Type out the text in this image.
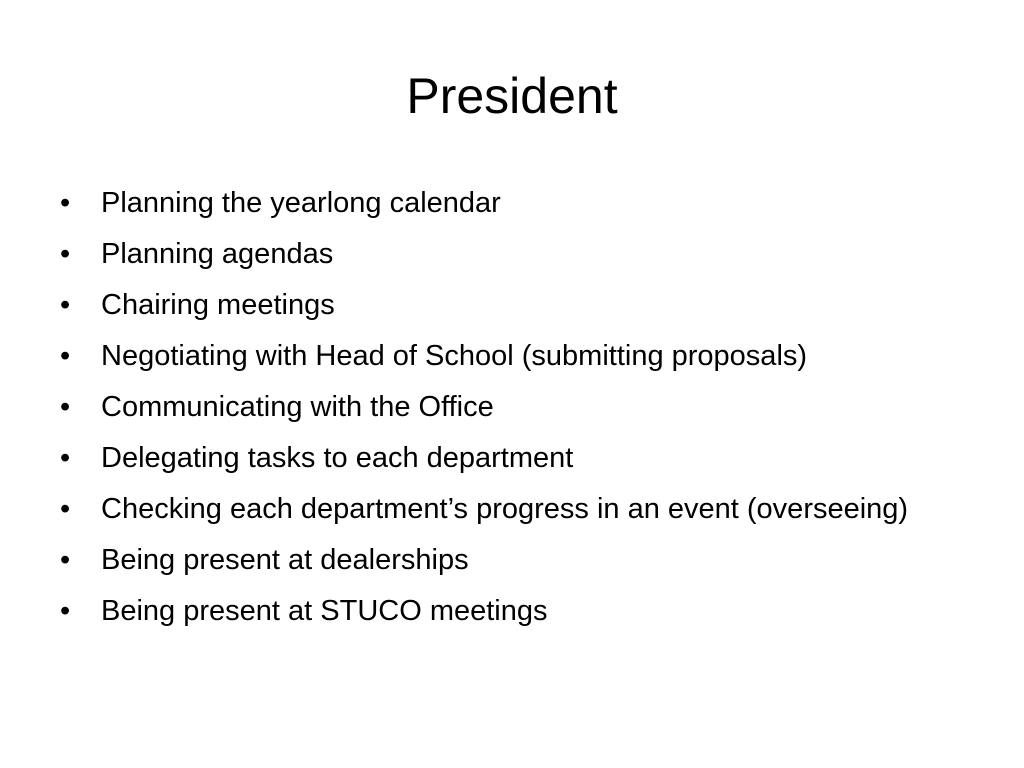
President
•	Planning the yearlong calendar
•	Planning agendas
•	Chairing meetings
•	Negotiating with Head of School (submitting proposals)
•	Communicating with the Office
•	Delegating tasks to each department
•	Checking each department’s progress in an event (overseeing)
•	Being present at dealerships
•	Being present at STUCO meetings
